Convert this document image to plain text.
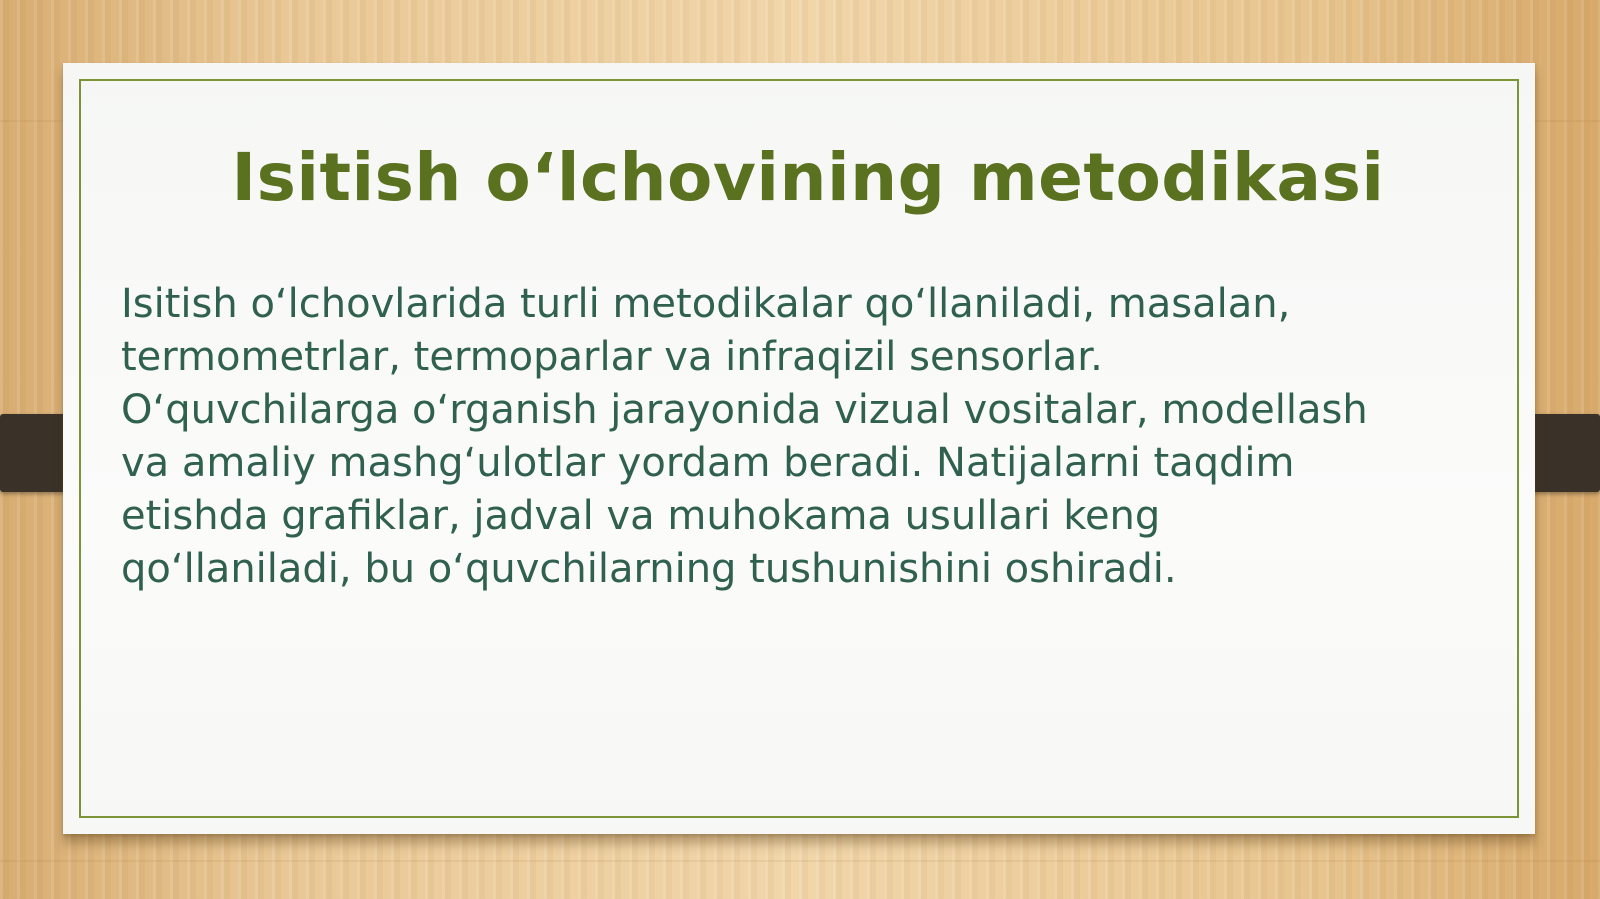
Isitish o‘lchovining metodikasi

Isitish o‘lchovlarida turli metodikalar qo‘llaniladi, masalan, termometrlar, termoparlar va infraqizil sensorlar. O‘quvchilarga o‘rganish jarayonida vizual vositalar, modellash va amaliy mashg‘ulotlar yordam beradi. Natijalarni taqdim etishda grafiklar, jadval va muhokama usullari keng qo‘llaniladi, bu o‘quvchilarning tushunishini oshiradi.
